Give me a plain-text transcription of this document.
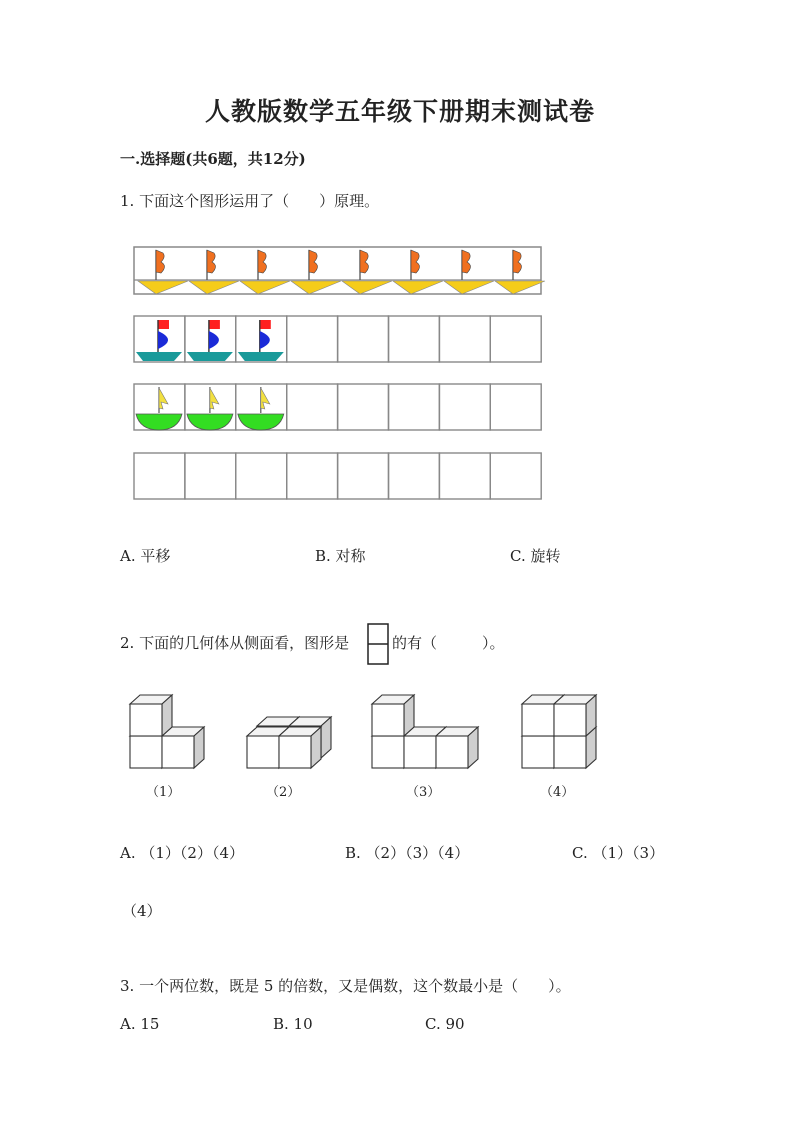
人教版数学五年级下册期末测试卷
一.选择题(共6题，共12分)
1. 下面这个图形运用了（　　）原理。
A. 平移	B. 对称	C. 旋转
2. 下面的几何体从侧面看，图形是	的有（　　　）。
（1）	（2）	（3）	（4）
A. （1）（2）（4）	B. （2）（3）（4）	C. （1）（3）
（4）
3. 一个两位数，既是 5 的倍数，又是偶数，这个数最小是（　　）。
A. 15	B. 10	C. 90
